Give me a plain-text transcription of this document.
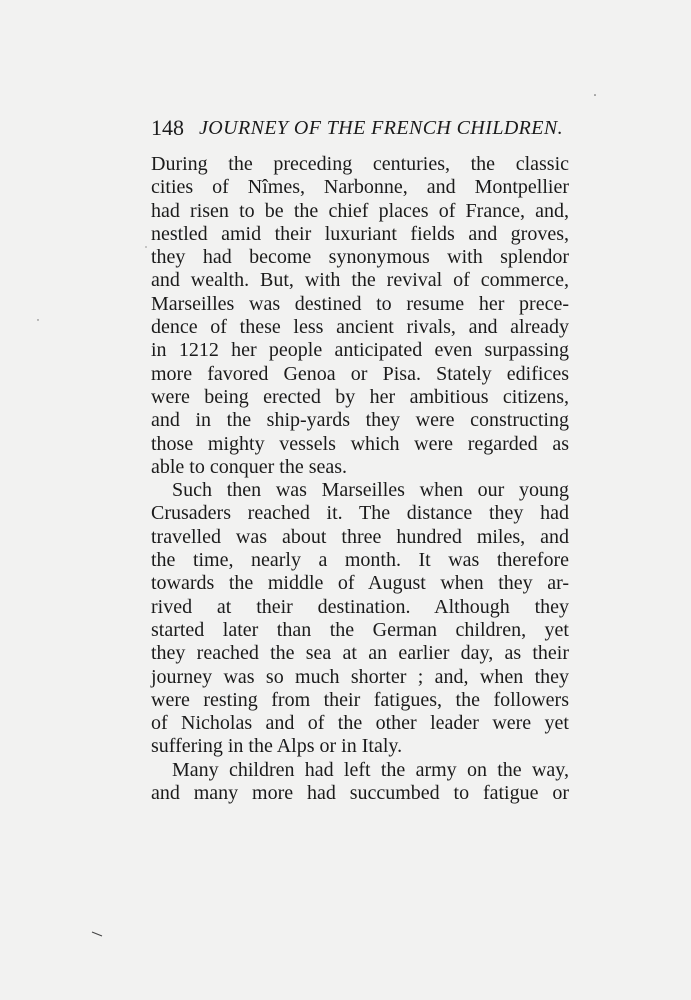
148 JOURNEY OF THE FRENCH CHILDREN.
During the preceding centuries, the classic
cities of Nîmes, Narbonne, and Montpellier
had risen to be the chief places of France, and,
nestled amid their luxuriant fields and groves,
they had become synonymous with splendor
and wealth. But, with the revival of commerce,
Marseilles was destined to resume her prece-
dence of these less ancient rivals, and already
in 1212 her people anticipated even surpassing
more favored Genoa or Pisa. Stately edifices
were being erected by her ambitious citizens,
and in the ship-yards they were constructing
those mighty vessels which were regarded as
able to conquer the seas.
Such then was Marseilles when our young
Crusaders reached it. The distance they had
travelled was about three hundred miles, and
the time, nearly a month. It was therefore
towards the middle of August when they ar-
rived at their destination. Although they
started later than the German children, yet
they reached the sea at an earlier day, as their
journey was so much shorter ; and, when they
were resting from their fatigues, the followers
of Nicholas and of the other leader were yet
suffering in the Alps or in Italy.
Many children had left the army on the way,
and many more had succumbed to fatigue or
